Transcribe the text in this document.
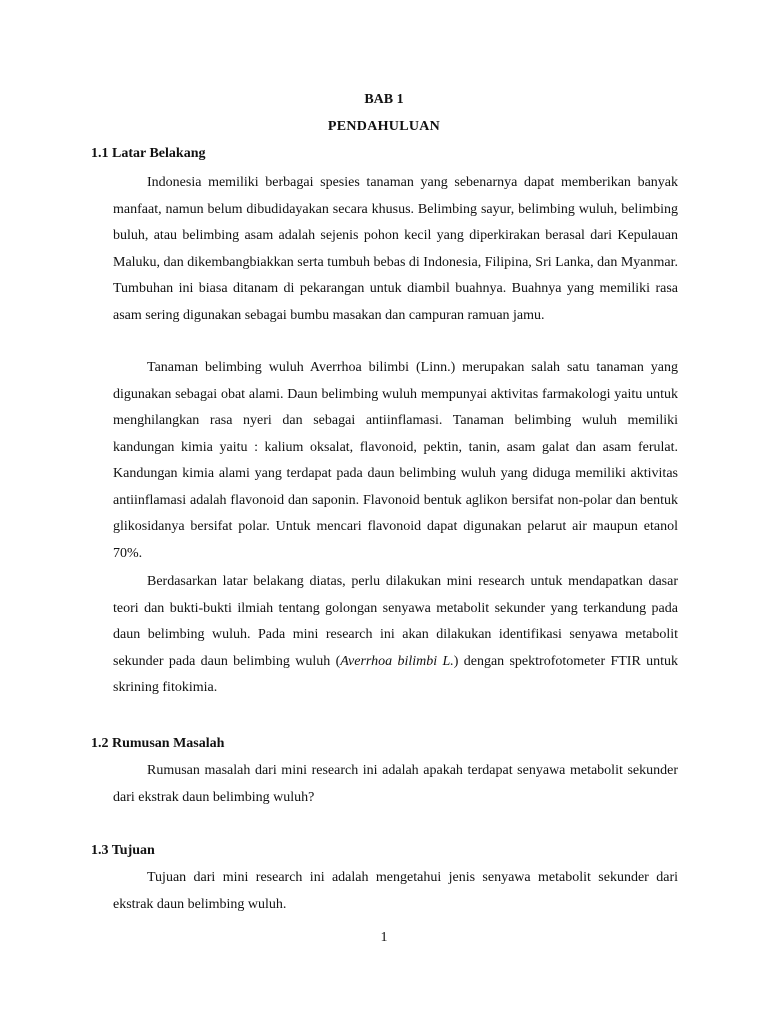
BAB 1
PENDAHULUAN
1.1 Latar Belakang

Indonesia memiliki berbagai spesies tanaman yang sebenarnya dapat memberikan banyak manfaat, namun belum dibudidayakan secara khusus. Belimbing sayur, belimbing wuluh, belimbing buluh, atau belimbing asam adalah sejenis pohon kecil yang diperkirakan berasal dari Kepulauan Maluku, dan dikembangbiakkan serta tumbuh bebas di Indonesia, Filipina, Sri Lanka, dan Myanmar. Tumbuhan ini biasa ditanam di pekarangan untuk diambil buahnya. Buahnya yang memiliki rasa asam sering digunakan sebagai bumbu masakan dan campuran ramuan jamu.

Tanaman belimbing wuluh Averrhoa bilimbi (Linn.) merupakan salah satu tanaman yang digunakan sebagai obat alami. Daun belimbing wuluh mempunyai aktivitas farmakologi yaitu untuk menghilangkan rasa nyeri dan sebagai antiinflamasi. Tanaman belimbing wuluh memiliki kandungan kimia yaitu : kalium oksalat, flavonoid, pektin, tanin, asam galat dan asam ferulat. Kandungan kimia alami yang terdapat pada daun belimbing wuluh yang diduga memiliki aktivitas antiinflamasi adalah flavonoid dan saponin. Flavonoid bentuk aglikon bersifat non-polar dan bentuk glikosidanya bersifat polar. Untuk mencari flavonoid dapat digunakan pelarut air maupun etanol 70%.

Berdasarkan latar belakang diatas, perlu dilakukan mini research untuk mendapatkan dasar teori dan bukti-bukti ilmiah tentang golongan senyawa metabolit sekunder yang terkandung pada daun belimbing wuluh. Pada mini research ini akan dilakukan identifikasi senyawa metabolit sekunder pada daun belimbing wuluh (Averrhoa bilimbi L.) dengan spektrofotometer FTIR untuk skrining fitokimia.

1.2 Rumusan Masalah

Rumusan masalah dari mini research ini adalah apakah terdapat senyawa metabolit sekunder dari ekstrak daun belimbing wuluh?

1.3 Tujuan

Tujuan dari mini research ini adalah mengetahui jenis senyawa metabolit sekunder dari ekstrak daun belimbing wuluh.

1
